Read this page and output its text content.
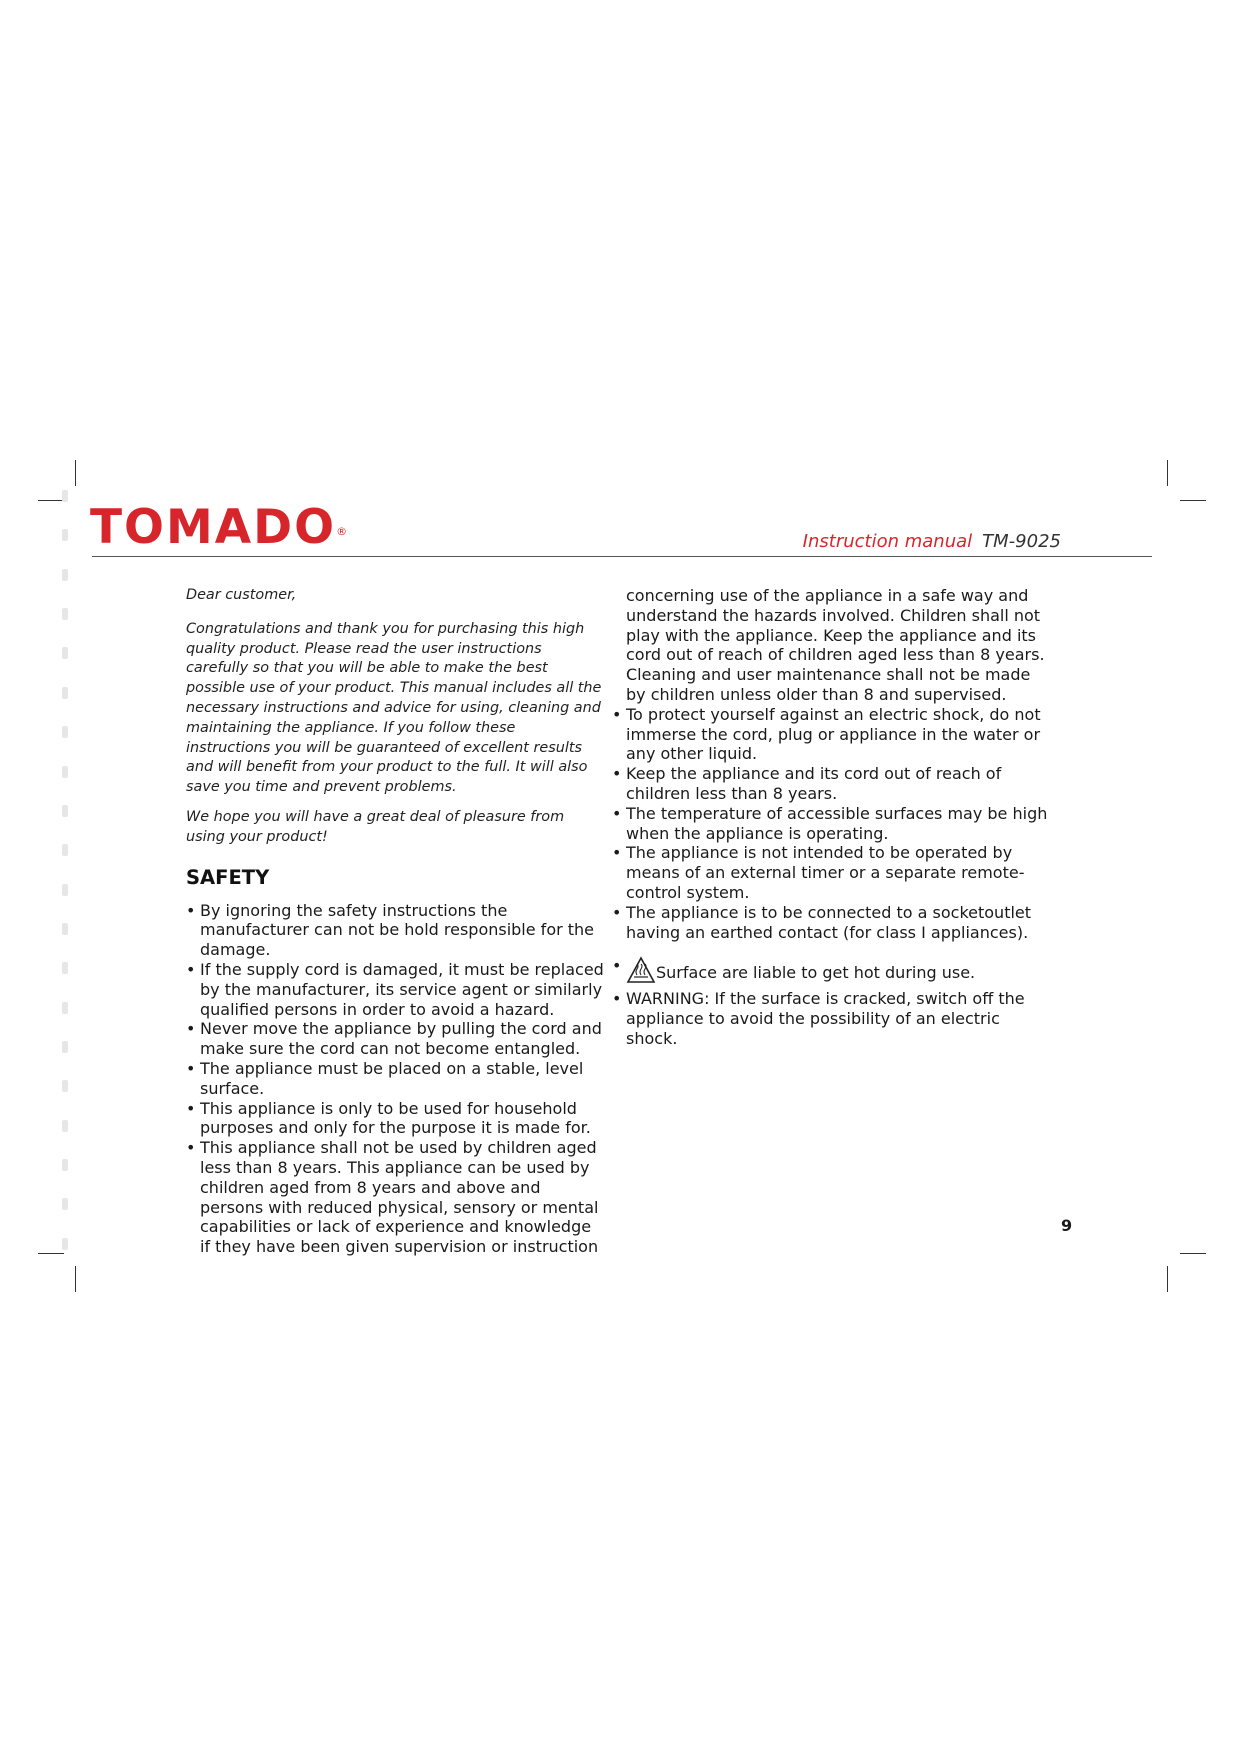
TOMADO®	Instruction manual TM-9025

Dear customer,

Congratulations and thank you for purchasing this high quality product. Please read the user instructions carefully so that you will be able to make the best possible use of your product. This manual includes all the necessary instructions and advice for using, cleaning and maintaining the appliance. If you follow these instructions you will be guaranteed of excellent results and will benefit from your product to the full. It will also save you time and prevent problems.

We hope you will have a great deal of pleasure from using your product!

SAFETY
• By ignoring the safety instructions the manufacturer can not be hold responsible for the damage.
• If the supply cord is damaged, it must be replaced by the manufacturer, its service agent or similarly qualified persons in order to avoid a hazard.
• Never move the appliance by pulling the cord and make sure the cord can not become entangled.
• The appliance must be placed on a stable, level surface.
• This appliance is only to be used for household purposes and only for the purpose it is made for.
• This appliance shall not be used by children aged less than 8 years. This appliance can be used by children aged from 8 years and above and persons with reduced physical, sensory or mental capabilities or lack of experience and knowledge if they have been given supervision or instruction
concerning use of the appliance in a safe way and understand the hazards involved. Children shall not play with the appliance. Keep the appliance and its cord out of reach of children aged less than 8 years. Cleaning and user maintenance shall not be made by children unless older than 8 and supervised.
• To protect yourself against an electric shock, do not immerse the cord, plug or appliance in the water or any other liquid.
• Keep the appliance and its cord out of reach of children less than 8 years.
• The temperature of accessible surfaces may be high when the appliance is operating.
• The appliance is not intended to be operated by means of an external timer or a separate remote-control system.
• The appliance is to be connected to a socketoutlet having an earthed contact (for class I appliances).
• Surface are liable to get hot during use.
• WARNING: If the surface is cracked, switch off the appliance to avoid the possibility of an electric shock.
9
